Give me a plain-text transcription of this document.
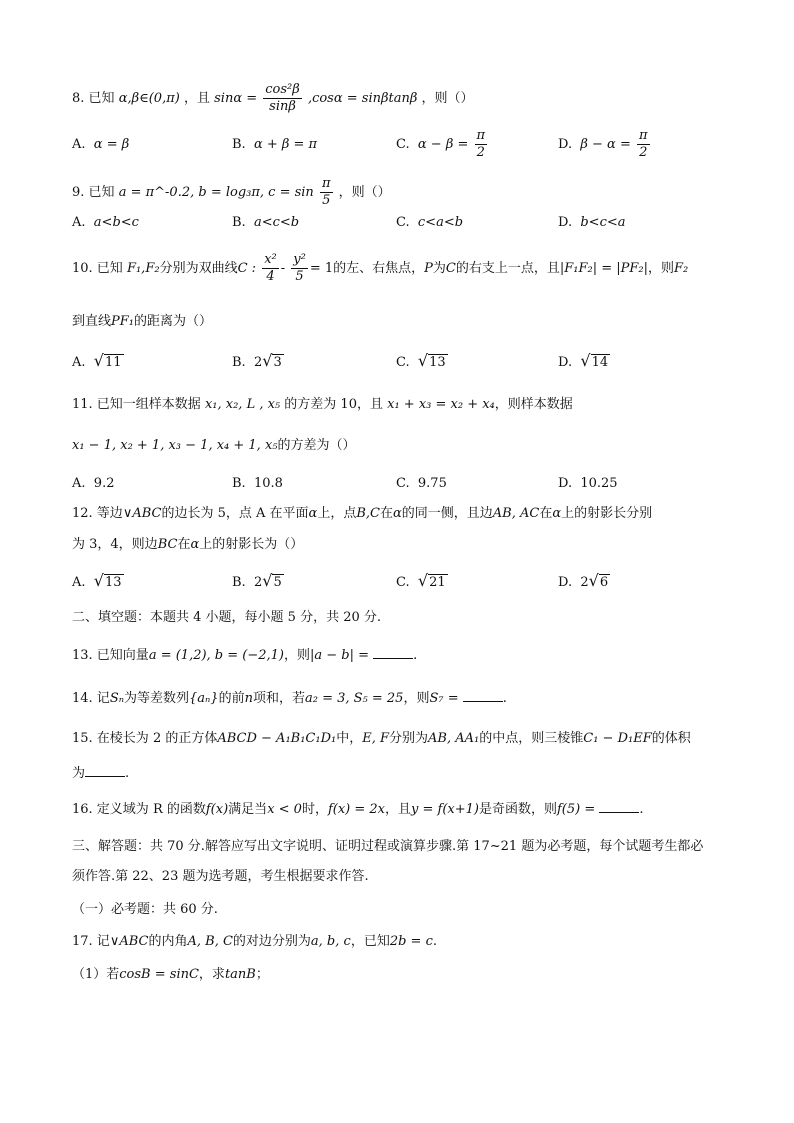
8. 已知 α,β∈(0,π) ，且 $\sin\alpha = \frac{\text{cos²β}}{\sin\beta} ,\cos\alpha = \sin\beta\tan\beta$ ，则（）
A. α = β	B. α + β = π	C. $\alpha - \beta = \frac{\pi}{2}$	D. $\beta - \alpha = \frac{\pi}{2}$
9. 已知 a = π^-0.2, b = log₃π, $c = \sin \frac{\pi}{5}$ ，则（）
A. a<b<c	B. a<c<b	C. c<a<b	D. b<c<a
10. 已知 F₁,F₂分别为双曲线C : $\frac{\text{x²}}{4} - \frac{\text{y²}}{5} = 1$的左、右焦点，P为C的右支上一点，且|F₁F₂| = |PF₂|，则F₂
到直线PF₁的距离为（）
A. √11	B. 2√3	C. √13	D. √14
11. 已知一组样本数据 x₁, x₂, L , x₅ 的方差为 10，且 x₁ + x₃ = x₂ + x₄，则样本数据
x₁ − 1, x₂ + 1, x₃ − 1, x₄ + 1, x₅的方差为（）
A. 9.2	B. 10.8	C. 9.75	D. 10.25
12. 等边∨ABC的边长为 5，点 A 在平面α上，点B,C在α的同一侧，且边AB, AC在α上的射影长分别
为 3，4，则边BC在α上的射影长为（）
A. √13	B. 2√5	C. √21	D. 2√6
二、填空题：本题共 4 小题，每小题 5 分，共 20 分.
13. 已知向量a = (1,2), b = (−2,1)，则|a − b| =	.
14. 记Sₙ为等差数列{aₙ}的前n项和，若a₂ = 3, S₅ = 25，则S₇ =	.
15. 在棱长为 2 的正方体ABCD − A₁B₁C₁D₁中，E, F分别为AB, AA₁的中点，则三棱锥C₁ − D₁EF的体积
为	.
16. 定义域为 R 的函数f(x)满足当x < 0时，f(x) = 2x，且y = f(x+1)是奇函数，则f(5) =	.
三、解答题：共 70 分.解答应写出文字说明、证明过程或演算步骤.第 17~21 题为必考题，每个试题考生都必
须作答.第 22、23 题为选考题，考生根据要求作答.
（一）必考题：共 60 分.
17. 记∨ABC的内角A, B, C的对边分别为a, b, c，已知2b = c.
（1）若cosB = sinC，求tanB；
